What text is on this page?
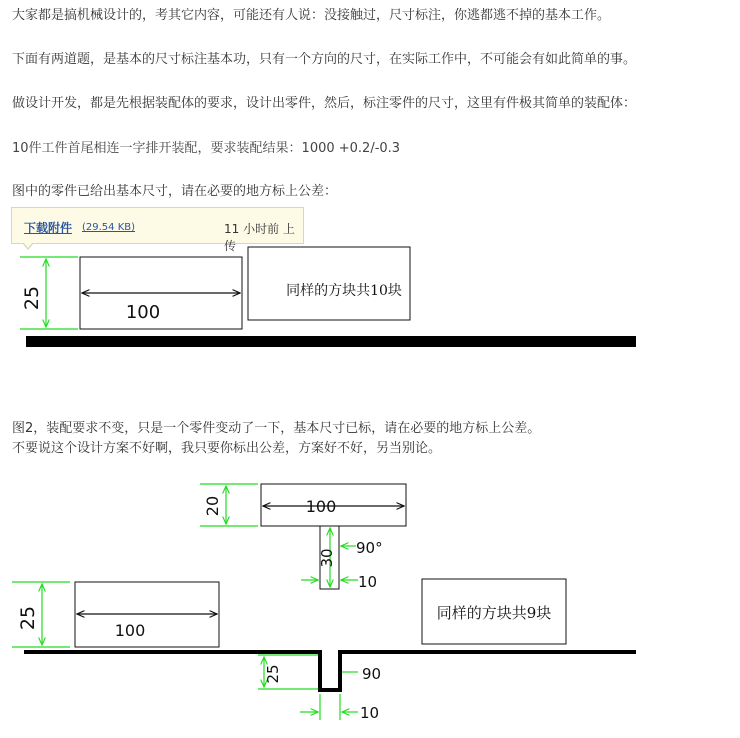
大家都是搞机械设计的，考其它内容，可能还有人说：没接触过，尺寸标注，你逃都逃不掉的基本工作。

下面有两道题，是基本的尺寸标注基本功，只有一个方向的尺寸，在实际工作中，不可能会有如此简单的事。

做设计开发，都是先根据装配体的要求，设计出零件，然后，标注零件的尺寸，这里有件极其简单的装配体：

10件工件首尾相连一字排开装配，要求装配结果：1000 +0.2/-0.3

图中的零件已给出基本尺寸，请在必要的地方标上公差：

下载附件 (29.54 KB)	11 小时前 上传

图2，装配要求不变，只是一个零件变动了一下，基本尺寸已标，请在必要的地方标上公差。

不要说这个设计方案不好啊，我只要你标出公差，方案好不好，另当别论。

25
100
同样的方块共10块
100
20
30
90°
10
25
100
同样的方块共9块
25	90
10
